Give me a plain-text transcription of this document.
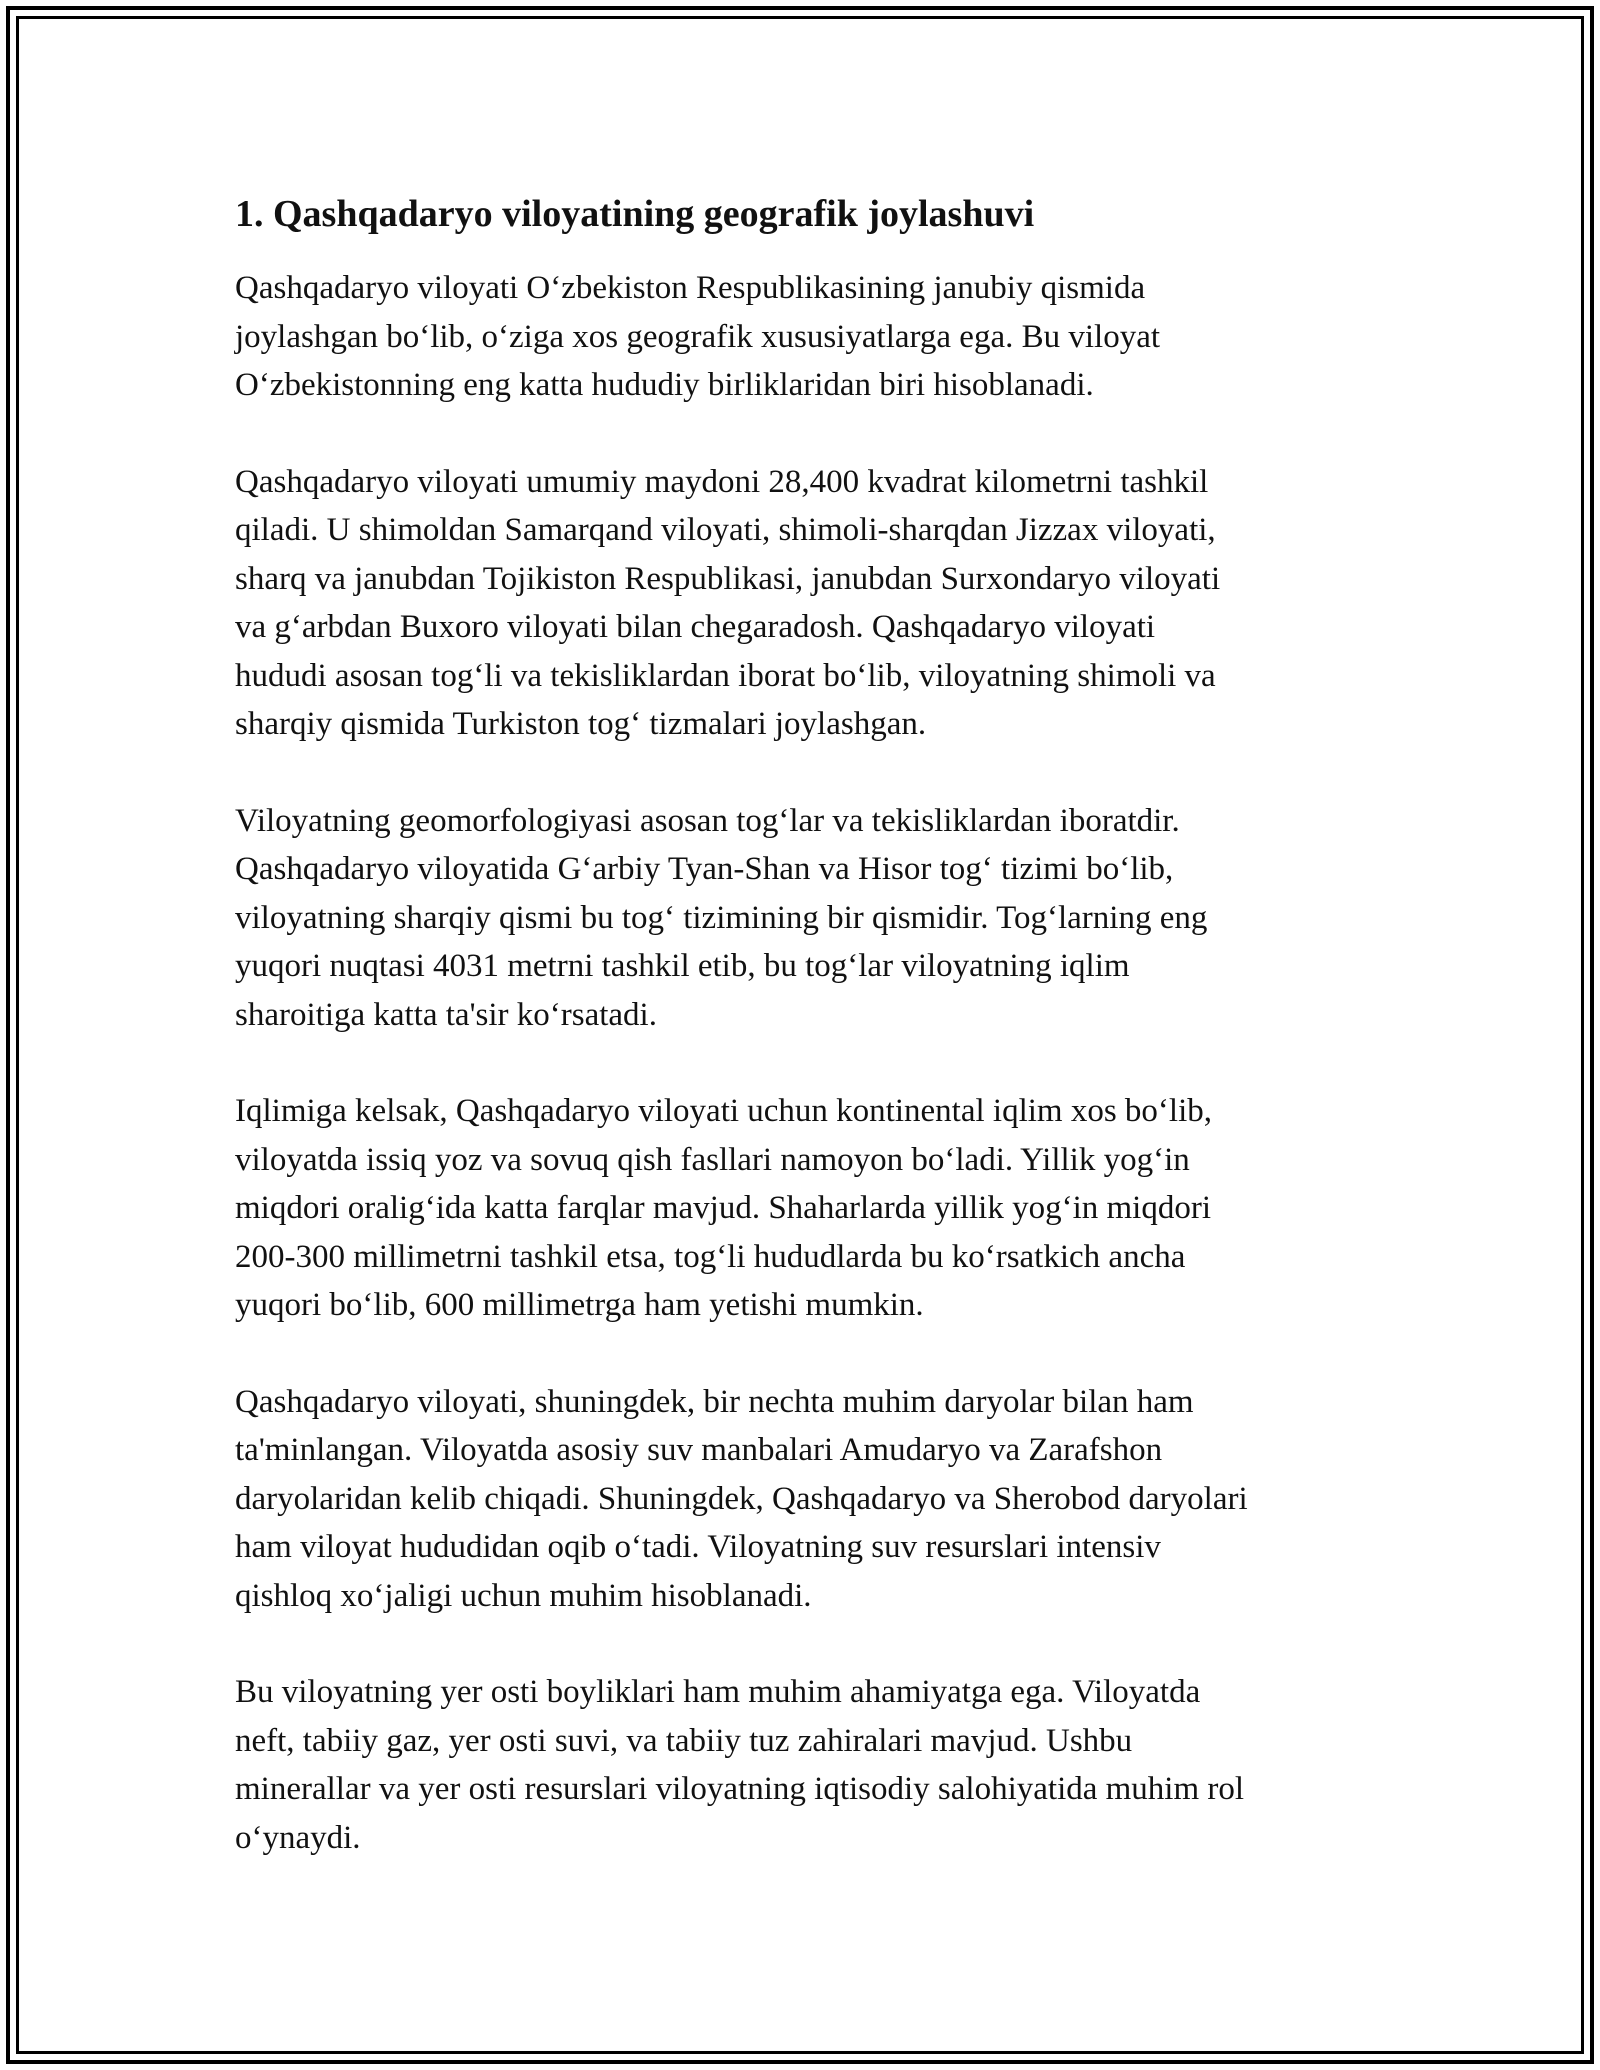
1. Qashqadaryo viloyatining geografik joylashuvi

Qashqadaryo viloyati O‘zbekiston Respublikasining janubiy qismida
joylashgan bo‘lib, o‘ziga xos geografik xususiyatlarga ega. Bu viloyat
O‘zbekistonning eng katta hududiy birliklaridan biri hisoblanadi.

Qashqadaryo viloyati umumiy maydoni 28,400 kvadrat kilometrni tashkil
qiladi. U shimoldan Samarqand viloyati, shimoli-sharqdan Jizzax viloyati,
sharq va janubdan Tojikiston Respublikasi, janubdan Surxondaryo viloyati
va g‘arbdan Buxoro viloyati bilan chegaradosh. Qashqadaryo viloyati
hududi asosan tog‘li va tekisliklardan iborat bo‘lib, viloyatning shimoli va
sharqiy qismida Turkiston tog‘ tizmalari joylashgan.

Viloyatning geomorfologiyasi asosan tog‘lar va tekisliklardan iboratdir.
Qashqadaryo viloyatida G‘arbiy Tyan-Shan va Hisor tog‘ tizimi bo‘lib,
viloyatning sharqiy qismi bu tog‘ tizimining bir qismidir. Tog‘larning eng
yuqori nuqtasi 4031 metrni tashkil etib, bu tog‘lar viloyatning iqlim
sharoitiga katta ta'sir ko‘rsatadi.

Iqlimiga kelsak, Qashqadaryo viloyati uchun kontinental iqlim xos bo‘lib,
viloyatda issiq yoz va sovuq qish fasllari namoyon bo‘ladi. Yillik yog‘in
miqdori oralig‘ida katta farqlar mavjud. Shaharlarda yillik yog‘in miqdori
200-300 millimetrni tashkil etsa, tog‘li hududlarda bu ko‘rsatkich ancha
yuqori bo‘lib, 600 millimetrga ham yetishi mumkin.

Qashqadaryo viloyati, shuningdek, bir nechta muhim daryolar bilan ham
ta'minlangan. Viloyatda asosiy suv manbalari Amudaryo va Zarafshon
daryolaridan kelib chiqadi. Shuningdek, Qashqadaryo va Sherobod daryolari
ham viloyat hududidan oqib o‘tadi. Viloyatning suv resurslari intensiv
qishloq xo‘jaligi uchun muhim hisoblanadi.

Bu viloyatning yer osti boyliklari ham muhim ahamiyatga ega. Viloyatda
neft, tabiiy gaz, yer osti suvi, va tabiiy tuz zahiralari mavjud. Ushbu
minerallar va yer osti resurslari viloyatning iqtisodiy salohiyatida muhim rol
o‘ynaydi.
